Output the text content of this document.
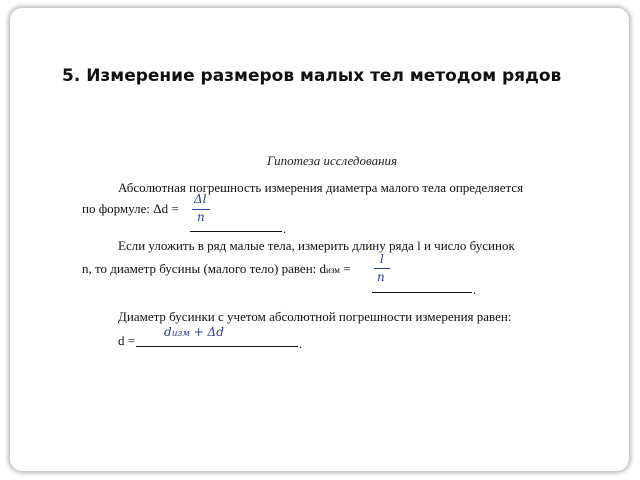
5. Измерение размеров малых тел методом рядов
Гипотеза исследования
Абсолютная погрешность измерения диаметра малого тела определяется
по формуле: Δd =
Δl
n
.
Если уложить в ряд малые тела, измерить длину ряда l и число бусинок
n, то диаметр бусины (малого тело) равен: dизм =
l
n
.
Диаметр бусинки с учетом абсолютной погрешности измерения равен:
d =
dизм + Δd
.
